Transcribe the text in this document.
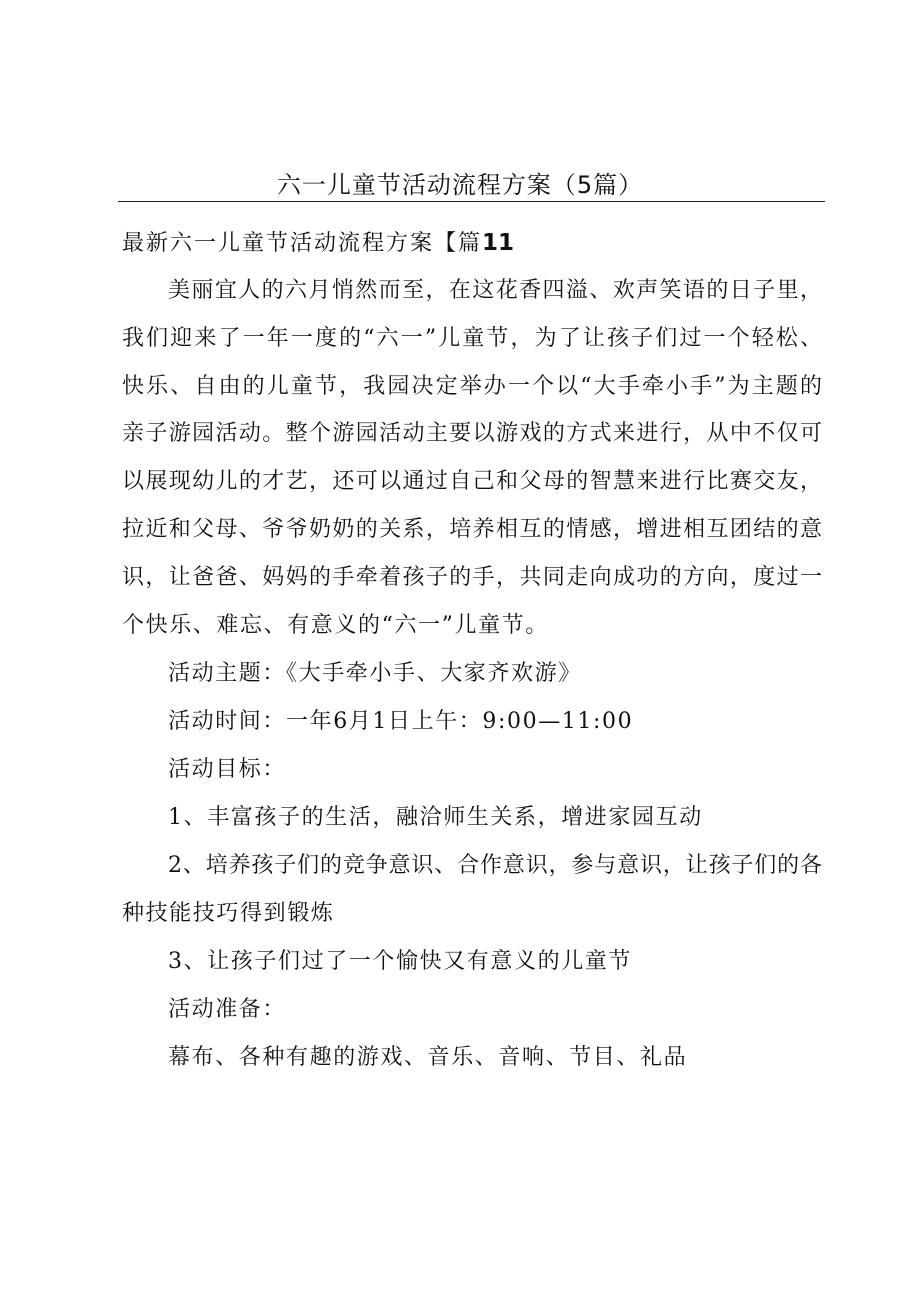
六一儿童节活动流程方案（5篇）
最新六一儿童节活动流程方案【篇11
美丽宜人的六月悄然而至，在这花香四溢、欢声笑语的日子里，
我们迎来了一年一度的“六一”儿童节，为了让孩子们过一个轻松、
快乐、自由的儿童节，我园决定举办一个以“大手牵小手”为主题的
亲子游园活动。整个游园活动主要以游戏的方式来进行，从中不仅可
以展现幼儿的才艺，还可以通过自己和父母的智慧来进行比赛交友，
拉近和父母、爷爷奶奶的关系，培养相互的情感，增进相互团结的意
识，让爸爸、妈妈的手牵着孩子的手，共同走向成功的方向，度过一
个快乐、难忘、有意义的“六一”儿童节。
活动主题：《大手牵小手、大家齐欢游》
活动时间：一年6月1日上午：9:00—11:00
活动目标：
1、丰富孩子的生活，融洽师生关系，增进家园互动
2、培养孩子们的竞争意识、合作意识，参与意识，让孩子们的各
种技能技巧得到锻炼
3、让孩子们过了一个愉快又有意义的儿童节
活动准备：
幕布、各种有趣的游戏、音乐、音响、节目、礼品
